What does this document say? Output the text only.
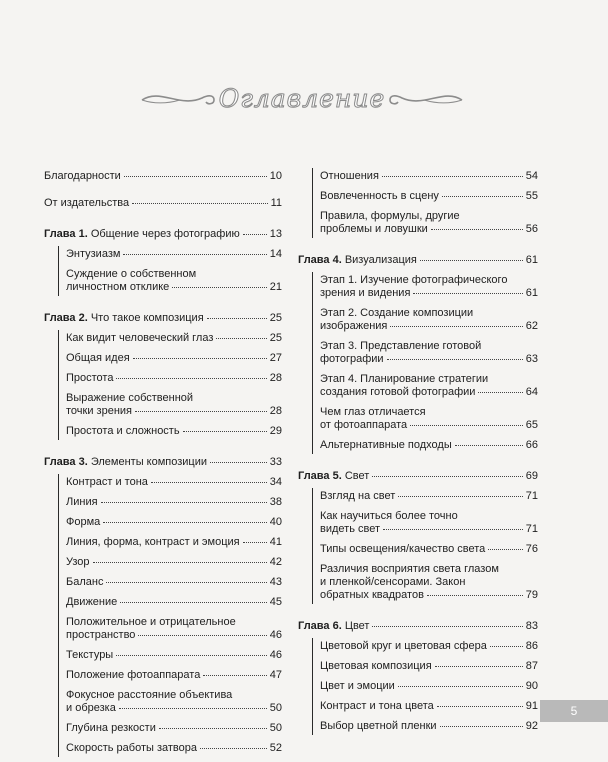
Оглавление
Благодарности	10
От издательства	11
Глава 1. Общение через фотографию	13
Энтузиазм	14
Суждение о собственном
личностном отклике	21
Глава 2. Что такое композиция	25
Как видит человеческий глаз	25
Общая идея	27
Простота	28
Выражение собственной
точки зрения	28
Простота и сложность	29
Глава 3. Элементы композиции	33
Контраст и тона	34
Линия	38
Форма	40
Линия, форма, контраст и эмоция	41
Узор	42
Баланс	43
Движение	45
Положительное и отрицательное
пространство	46
Текстуры	46
Положение фотоаппарата	47
Фокусное расстояние объектива
и обрезка	50
Глубина резкости	50
Скорость работы затвора	52
Отношения	54
Вовлеченность в сцену	55
Правила, формулы, другие
проблемы и ловушки	56
Глава 4. Визуализация	61
Этап 1. Изучение фотографического
зрения и видения	61
Этап 2. Создание композиции
изображения	62
Этап 3. Представление готовой
фотографии	63
Этап 4. Планирование стратегии
создания готовой фотографии	64
Чем глаз отличается
от фотоаппарата	65
Альтернативные подходы	66
Глава 5. Свет	69
Взгляд на свет	71
Как научиться более точно
видеть свет	71
Типы освещения/качество света	76
Различия восприятия света глазом
и пленкой/сенсорами. Закон
обратных квадратов	79
Глава 6. Цвет	83
Цветовой круг и цветовая сфера	86
Цветовая композиция	87
Цвет и эмоции	90
Контраст и тона цвета	91
Выбор цветной пленки	92
5
